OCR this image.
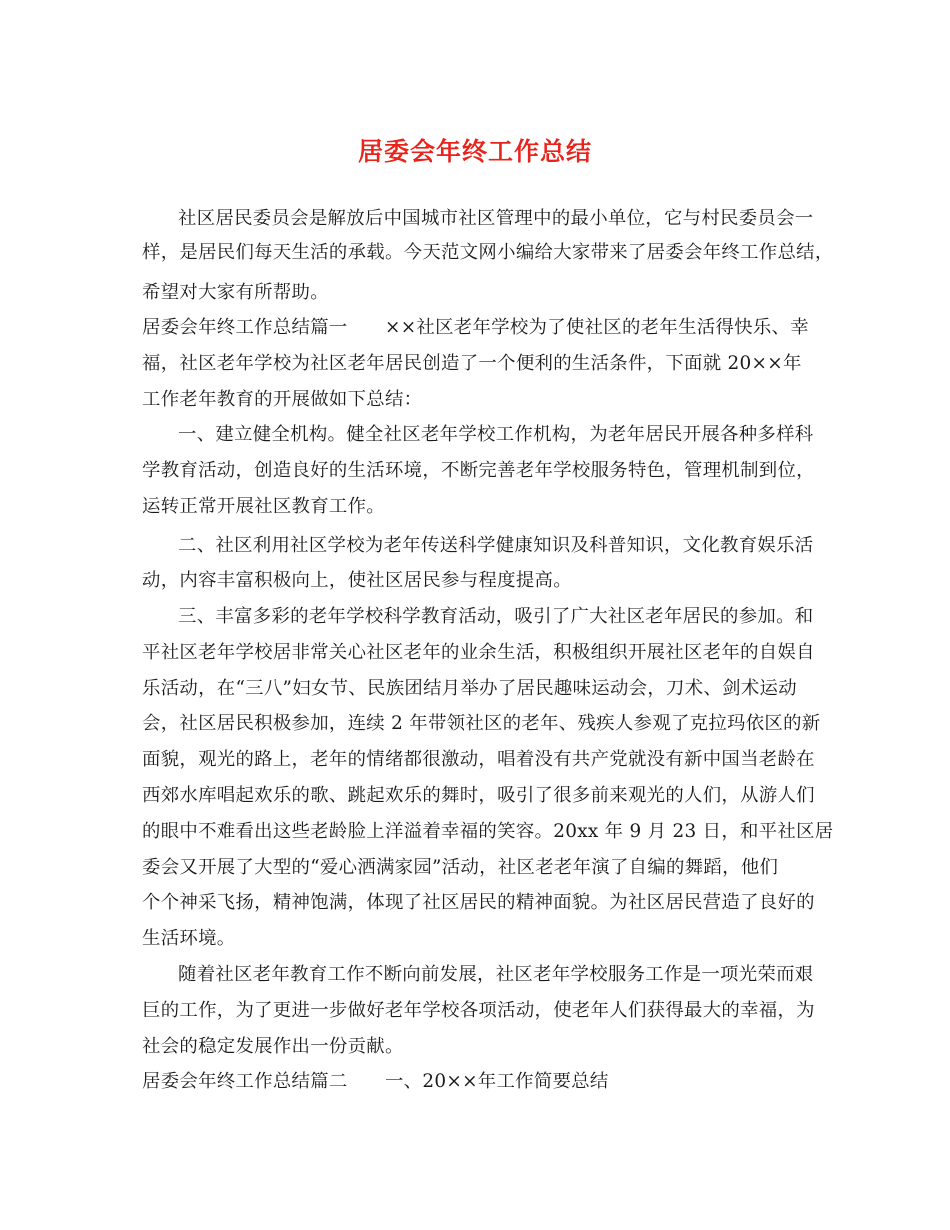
居委会年终工作总结
社区居民委员会是解放后中国城市社区管理中的最小单位，它与村民委员会一
样，是居民们每天生活的承载。今天范文网小编给大家带来了居委会年终工作总结，
希望对大家有所帮助。
居委会年终工作总结篇一　　××社区老年学校为了使社区的老年生活得快乐、幸
福，社区老年学校为社区老年居民创造了一个便利的生活条件，下面就 20××年
工作老年教育的开展做如下总结：
一、建立健全机构。健全社区老年学校工作机构，为老年居民开展各种多样科
学教育活动，创造良好的生活环境，不断完善老年学校服务特色，管理机制到位，
运转正常开展社区教育工作。
二、社区利用社区学校为老年传送科学健康知识及科普知识，文化教育娱乐活
动，内容丰富积极向上，使社区居民参与程度提高。
三、丰富多彩的老年学校科学教育活动，吸引了广大社区老年居民的参加。和
平社区老年学校居非常关心社区老年的业余生活，积极组织开展社区老年的自娱自
乐活动，在“三八”妇女节、民族团结月举办了居民趣味运动会，刀术、剑术运动
会，社区居民积极参加，连续 2 年带领社区的老年、残疾人参观了克拉玛依区的新
面貌，观光的路上，老年的情绪都很激动，唱着没有共产党就没有新中国当老龄在
西郊水库唱起欢乐的歌、跳起欢乐的舞时，吸引了很多前来观光的人们，从游人们
的眼中不难看出这些老龄脸上洋溢着幸福的笑容。20xx 年 9 月 23 日，和平社区居
委会又开展了大型的“爱心洒满家园”活动，社区老老年演了自编的舞蹈，他们
个个神采飞扬，精神饱满，体现了社区居民的精神面貌。为社区居民营造了良好的
生活环境。
随着社区老年教育工作不断向前发展，社区老年学校服务工作是一项光荣而艰
巨的工作，为了更进一步做好老年学校各项活动，使老年人们获得最大的幸福，为
社会的稳定发展作出一份贡献。
居委会年终工作总结篇二　　一、20××年工作简要总结
